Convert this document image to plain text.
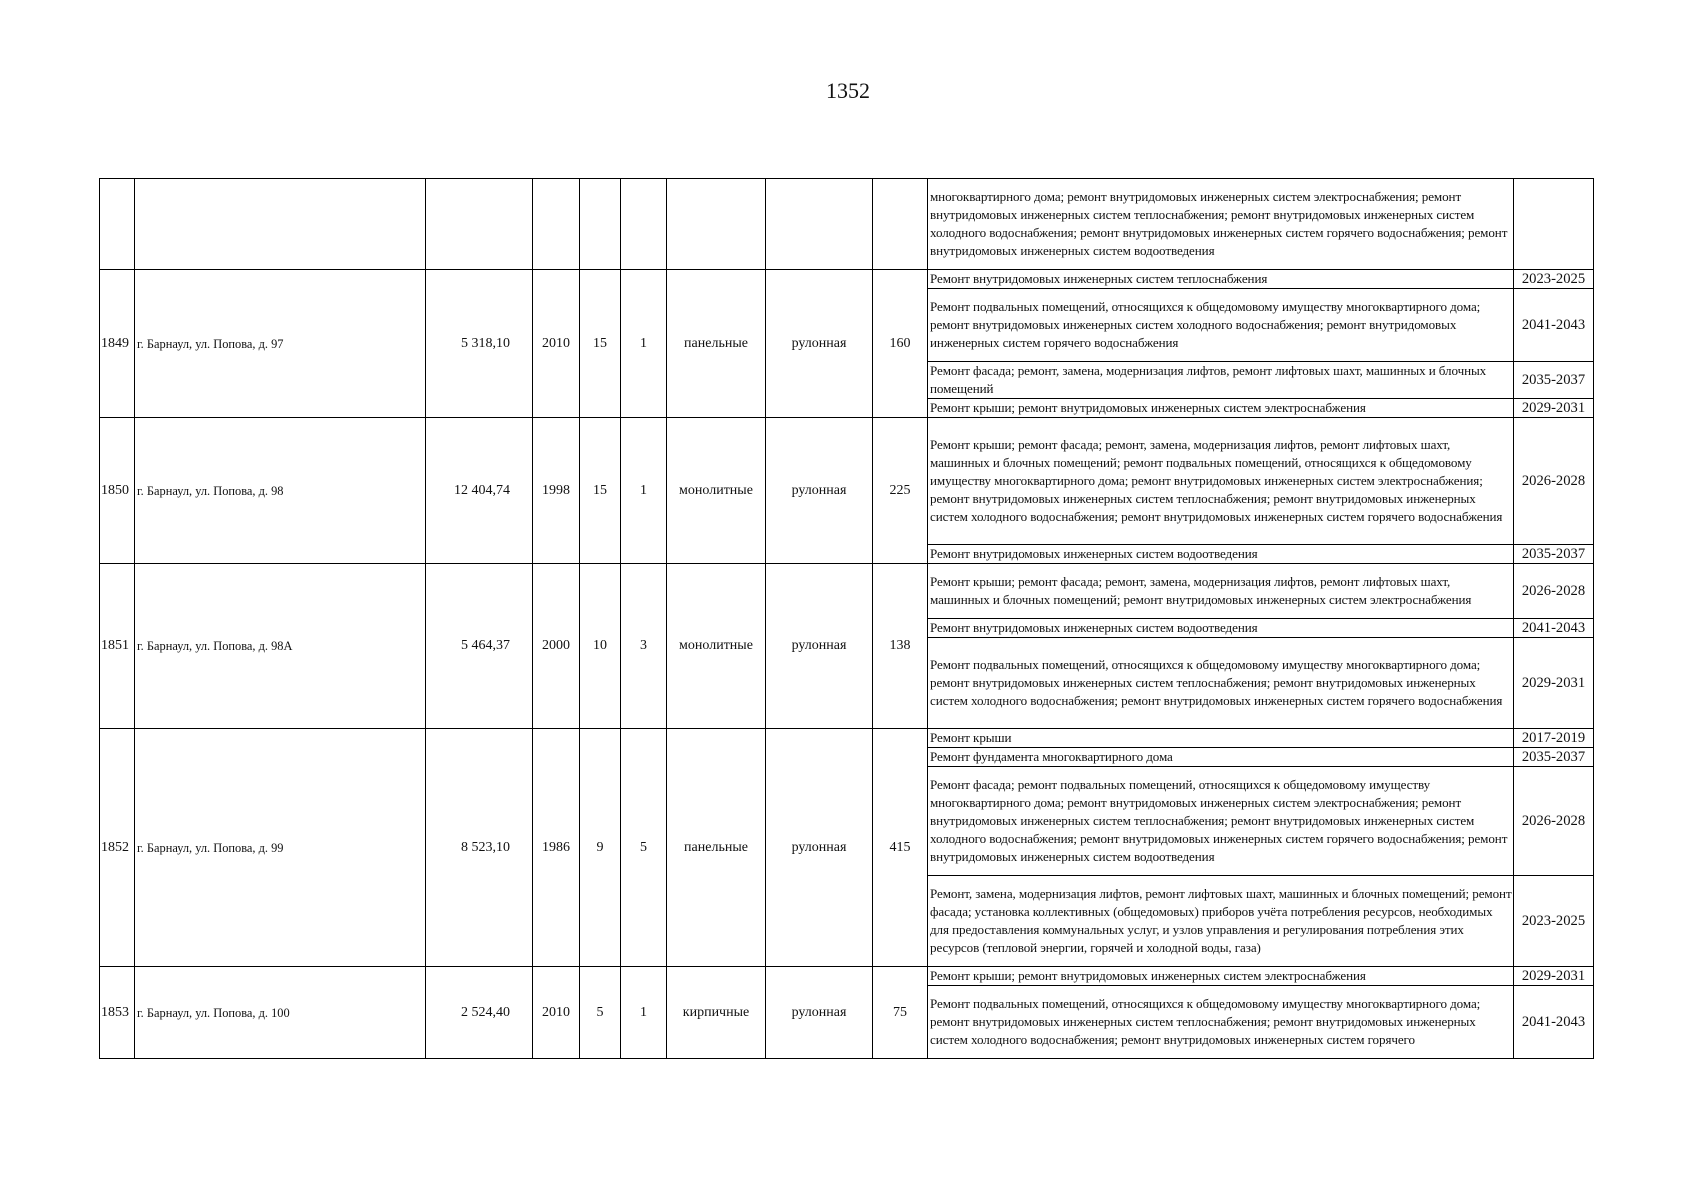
1352
									многоквартирного дома; ремонт внутридомовых инженерных систем электроснабжения; ремонт внутридомовых инженерных систем теплоснабжения; ремонт внутридомовых инженерных систем холодного водоснабжения; ремонт внутридомовых инженерных систем горячего водоснабжения; ремонт внутридомовых инженерных систем водоотведения	
1849	г. Барнаул, ул. Попова, д. 97	5 318,10	2010	15	1	панельные	рулонная	160	Ремонт внутридомовых инженерных систем теплоснабжения	2023-2025
									Ремонт подвальных помещений, относящихся к общедомовому имуществу многоквартирного дома; ремонт внутридомовых инженерных систем холодного водоснабжения; ремонт внутридомовых инженерных систем горячего водоснабжения	2041-2043
									Ремонт фасада; ремонт, замена, модернизация лифтов, ремонт лифтовых шахт, машинных и блочных помещений	2035-2037
									Ремонт крыши; ремонт внутридомовых инженерных систем электроснабжения	2029-2031
1850	г. Барнаул, ул. Попова, д. 98	12 404,74	1998	15	1	монолитные	рулонная	225	Ремонт крыши; ремонт фасада; ремонт, замена, модернизация лифтов, ремонт лифтовых шахт, машинных и блочных помещений; ремонт подвальных помещений, относящихся к общедомовому имуществу многоквартирного дома; ремонт внутридомовых инженерных систем электроснабжения; ремонт внутридомовых инженерных систем теплоснабжения; ремонт внутридомовых инженерных систем холодного водоснабжения; ремонт внутридомовых инженерных систем горячего водоснабжения	2026-2028
									Ремонт внутридомовых инженерных систем водоотведения	2035-2037
1851	г. Барнаул, ул. Попова, д. 98А	5 464,37	2000	10	3	монолитные	рулонная	138	Ремонт крыши; ремонт фасада; ремонт, замена, модернизация лифтов, ремонт лифтовых шахт, машинных и блочных помещений; ремонт внутридомовых инженерных систем электроснабжения	2026-2028
									Ремонт внутридомовых инженерных систем водоотведения	2041-2043
									Ремонт подвальных помещений, относящихся к общедомовому имуществу многоквартирного дома; ремонт внутридомовых инженерных систем теплоснабжения; ремонт внутридомовых инженерных систем холодного водоснабжения; ремонт внутридомовых инженерных систем горячего водоснабжения	2029-2031
1852	г. Барнаул, ул. Попова, д. 99	8 523,10	1986	9	5	панельные	рулонная	415	Ремонт крыши	2017-2019
									Ремонт фундамента многоквартирного дома	2035-2037
									Ремонт фасада; ремонт подвальных помещений, относящихся к общедомовому имуществу многоквартирного дома; ремонт внутридомовых инженерных систем электроснабжения; ремонт внутридомовых инженерных систем теплоснабжения; ремонт внутридомовых инженерных систем холодного водоснабжения; ремонт внутридомовых инженерных систем горячего водоснабжения; ремонт внутридомовых инженерных систем водоотведения	2026-2028
									Ремонт, замена, модернизация лифтов, ремонт лифтовых шахт, машинных и блочных помещений; ремонт фасада; установка коллективных (общедомовых) приборов учёта потребления ресурсов, необходимых для предоставления коммунальных услуг, и узлов управления и регулирования потребления этих ресурсов (тепловой энергии, горячей и холодной воды, газа)	2023-2025
1853	г. Барнаул, ул. Попова, д. 100	2 524,40	2010	5	1	кирпичные	рулонная	75	Ремонт крыши; ремонт внутридомовых инженерных систем электроснабжения	2029-2031
									Ремонт подвальных помещений, относящихся к общедомовому имуществу многоквартирного дома; ремонт внутридомовых инженерных систем теплоснабжения; ремонт внутридомовых инженерных систем холодного водоснабжения; ремонт внутридомовых инженерных систем горячего	2041-2043
